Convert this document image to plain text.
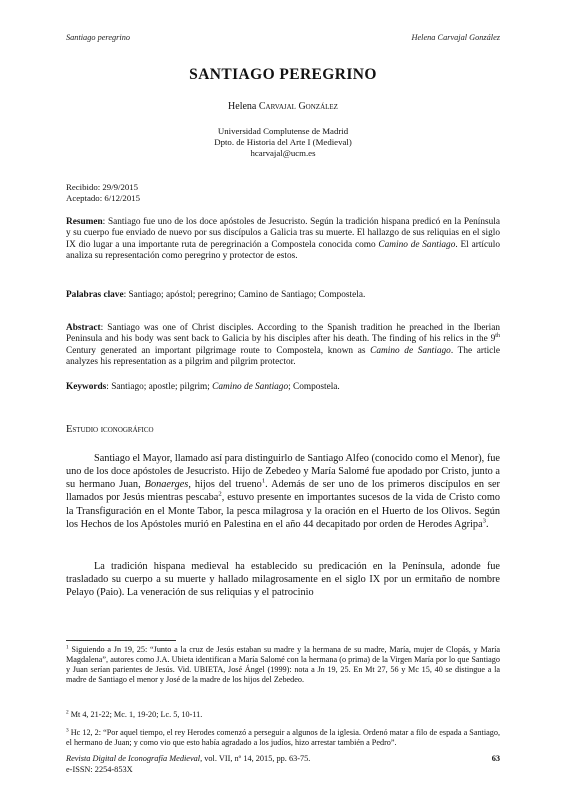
Santiago peregrino	Helena Carvajal González
SANTIAGO PEREGRINO
Helena Carvajal González
Universidad Complutense de Madrid
Dpto. de Historia del Arte I (Medieval)
hcarvajal@ucm.es
Recibido: 29/9/2015
Aceptado: 6/12/2015
Resumen: Santiago fue uno de los doce apóstoles de Jesucristo. Según la tradición hispana predicó en la Península y su cuerpo fue enviado de nuevo por sus discípulos a Galicia tras su muerte. El hallazgo de sus reliquias en el siglo IX dio lugar a una importante ruta de peregrinación a Compostela conocida como Camino de Santiago. El artículo analiza su representación como peregrino y protector de estos.
Palabras clave: Santiago; apóstol; peregrino; Camino de Santiago; Compostela.
Abstract: Santiago was one of Christ disciples. According to the Spanish tradition he preached in the Iberian Peninsula and his body was sent back to Galicia by his disciples after his death. The finding of his relics in the 9th Century generated an important pilgrimage route to Compostela, known as Camino de Santiago. The article analyzes his representation as a pilgrim and pilgrim protector.
Keywords: Santiago; apostle; pilgrim; Camino de Santiago; Compostela.
Estudio iconográfico
Santiago el Mayor, llamado así para distinguirlo de Santiago Alfeo (conocido como el Menor), fue uno de los doce apóstoles de Jesucristo. Hijo de Zebedeo y María Salomé fue apodado por Cristo, junto a su hermano Juan, Bonaerges, hijos del trueno$^1$. Además de ser uno de los primeros discípulos en ser llamados por Jesús mientras pescaba$^2$, estuvo presente en importantes sucesos de la vida de Cristo como la Transfiguración en el Monte Tabor, la pesca milagrosa y la oración en el Huerto de los Olivos. Según los Hechos de los Apóstoles murió en Palestina en el año 44 decapitado por orden de Herodes Agripa$^3$.
La tradición hispana medieval ha establecido su predicación en la Península, adonde fue trasladado su cuerpo a su muerte y hallado milagrosamente en el siglo IX por un ermitaño de nombre Pelayo (Paio). La veneración de sus reliquias y el patrocinio
$^1$ Siguiendo a Jn 19, 25: “Junto a la cruz de Jesús estaban su madre y la hermana de su madre, María, mujer de Clopás, y María Magdalena”, autores como J.A. Ubieta identifican a María Salomé con la hermana (o prima) de la Virgen María por lo que Santiago y Juan serían parientes de Jesús. Vid. UBIETA, José Ángel (1999): nota a Jn 19, 25. En Mt 27, 56 y Mc 15, 40 se distingue a la madre de Santiago el menor y José de la madre de los hijos del Zebedeo.
$^2$ Mt 4, 21-22; Mc. 1, 19-20; Lc. 5, 10-11.
$^3$ Hc 12, 2: “Por aquel tiempo, el rey Herodes comenzó a perseguir a algunos de la iglesia. Ordenó matar a filo de espada a Santiago, el hermano de Juan; y como vio que esto había agradado a los judíos, hizo arrestar también a Pedro”.
Revista Digital de Iconografía Medieval, vol. VII, nº 14, 2015, pp. 63-75.
e-ISSN: 2254-853X
63
